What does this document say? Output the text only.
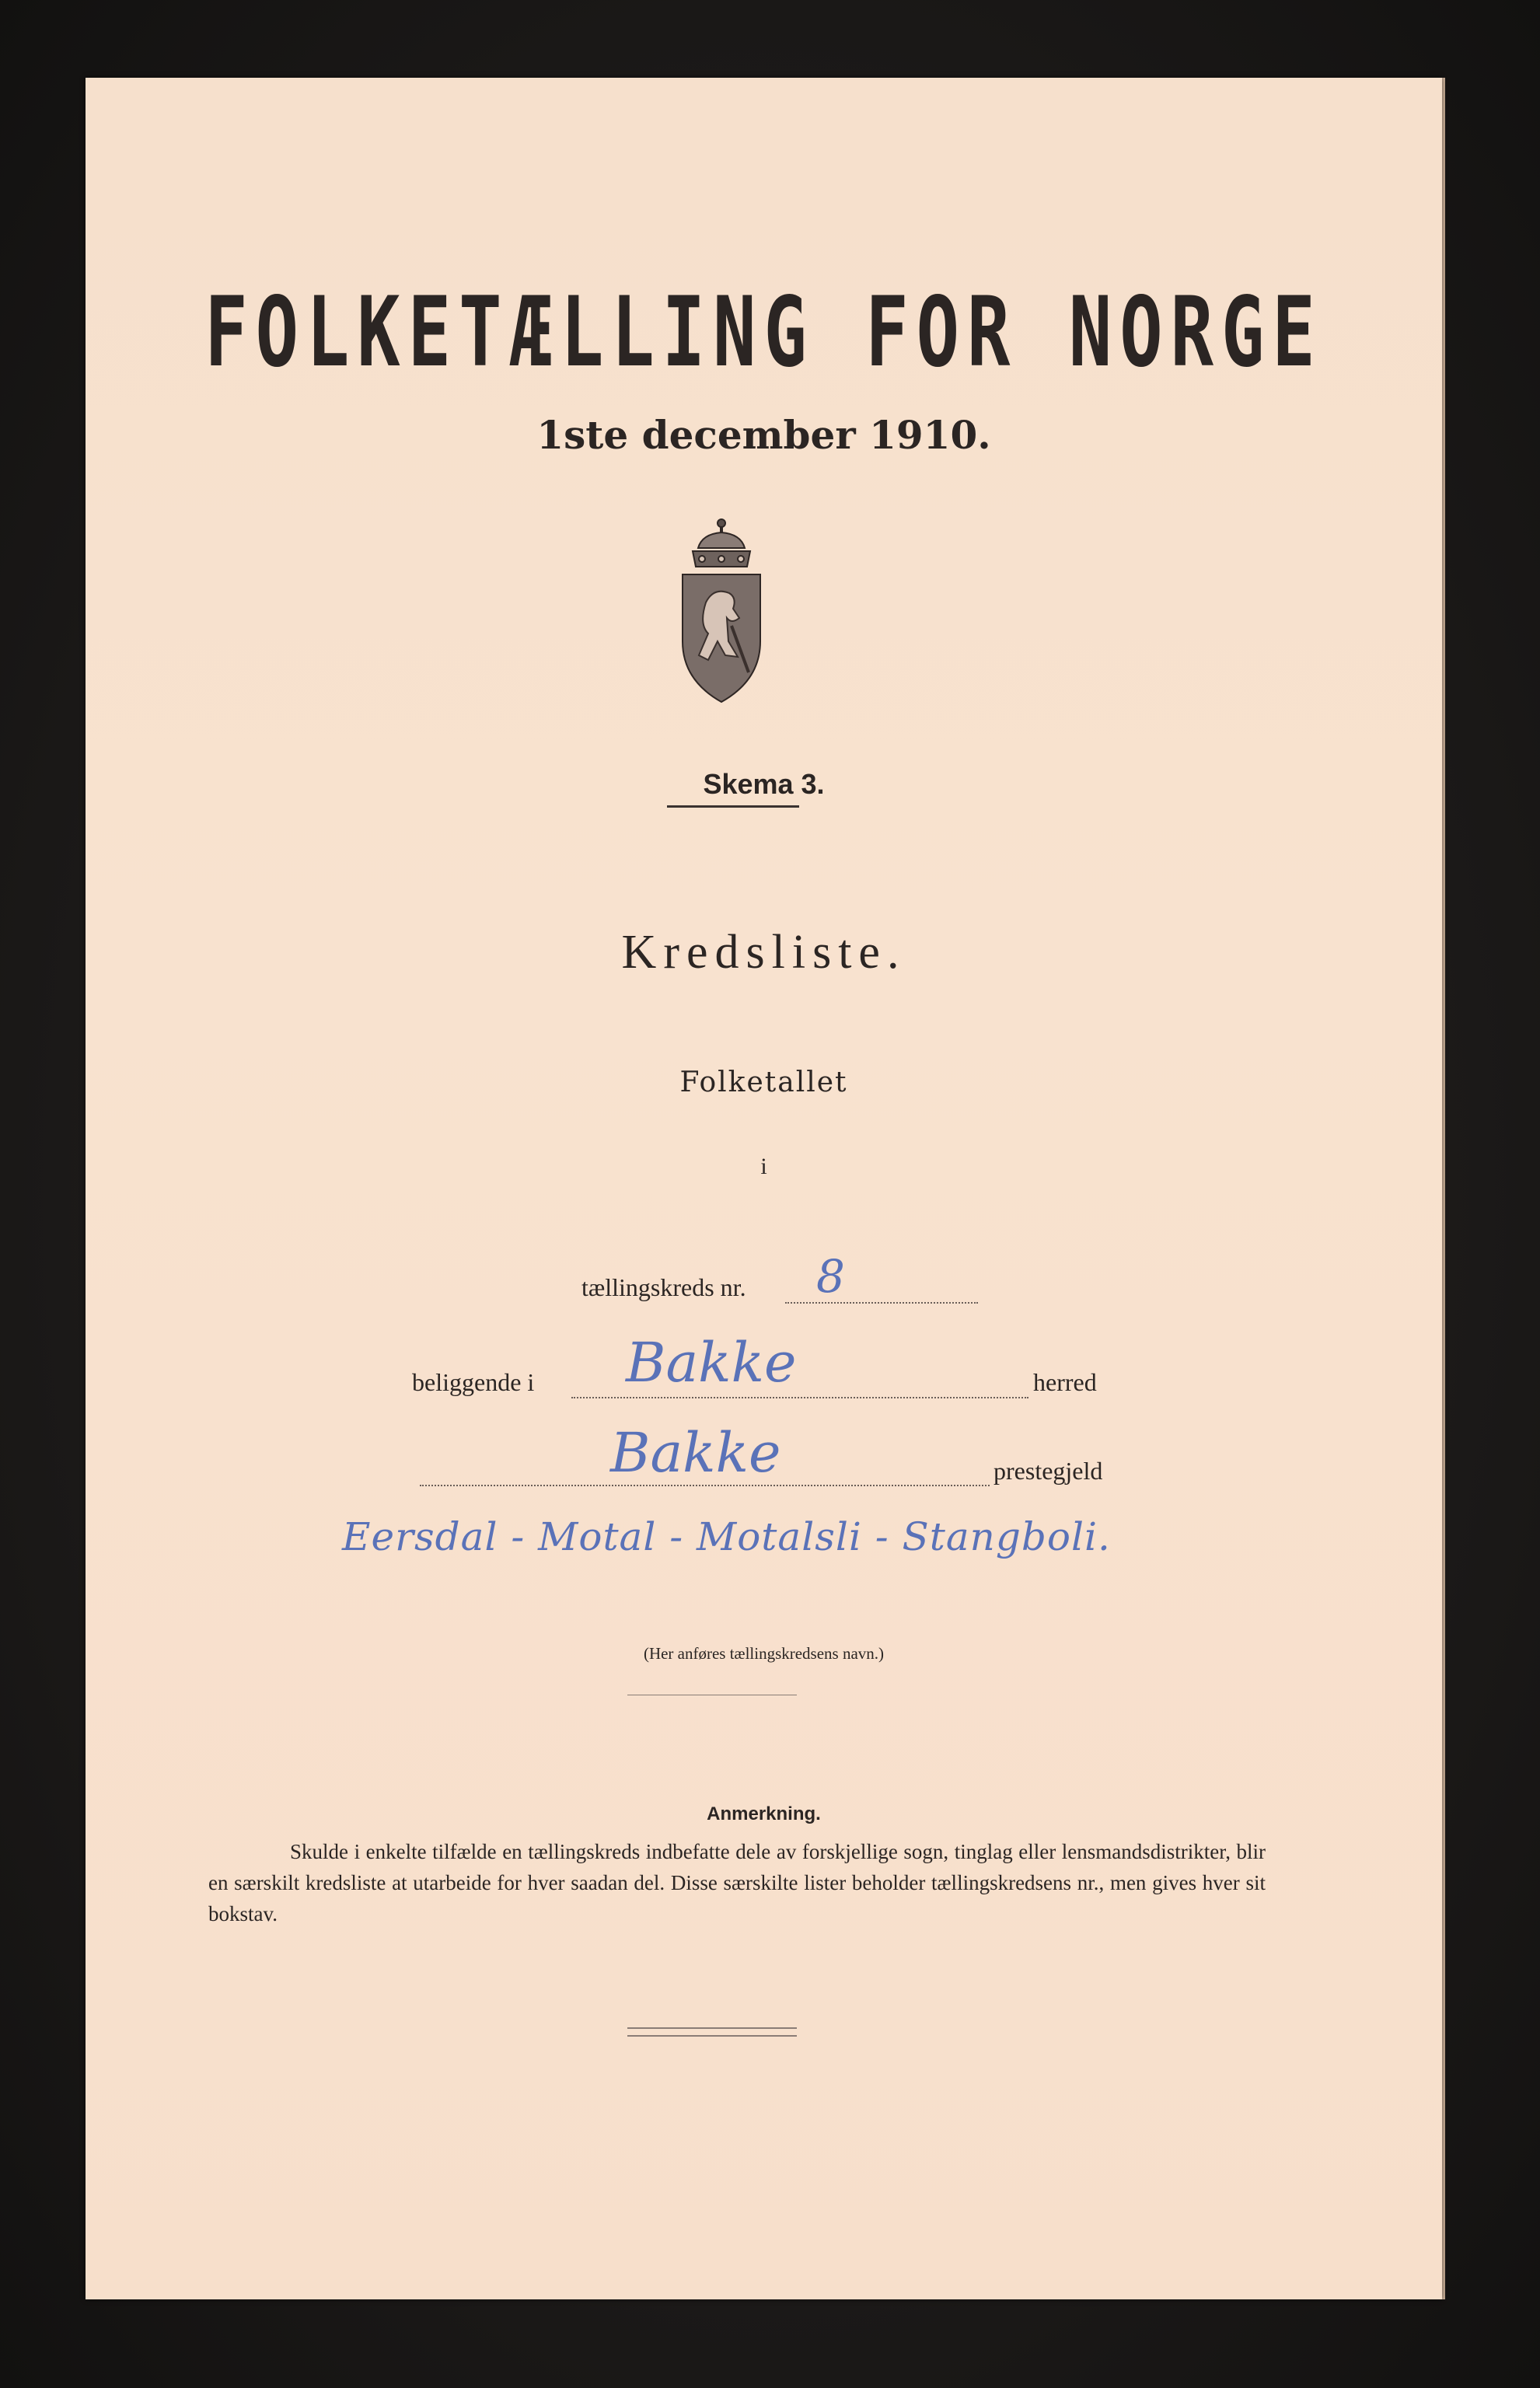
FOLKETÆLLING FOR NORGE
1ste december 1910.
Skema 3.
Kredsliste.
Folketallet
i
tællingskreds nr. 8
beliggende i Bakke	herred
Bakke	prestegjeld
Eersdal - Motal - Motalsli - Stangboli.
(Her anføres tællingskredsens navn.)
Anmerkning.
Skulde i enkelte tilfælde en tællingskreds indbefatte dele av forskjellige sogn, tinglag eller lensmandsdistrikter, blir en særskilt kredsliste at utarbeide for hver saadan del. Disse særskilte lister beholder tællingskredsens nr., men gives hver sit bokstav.
